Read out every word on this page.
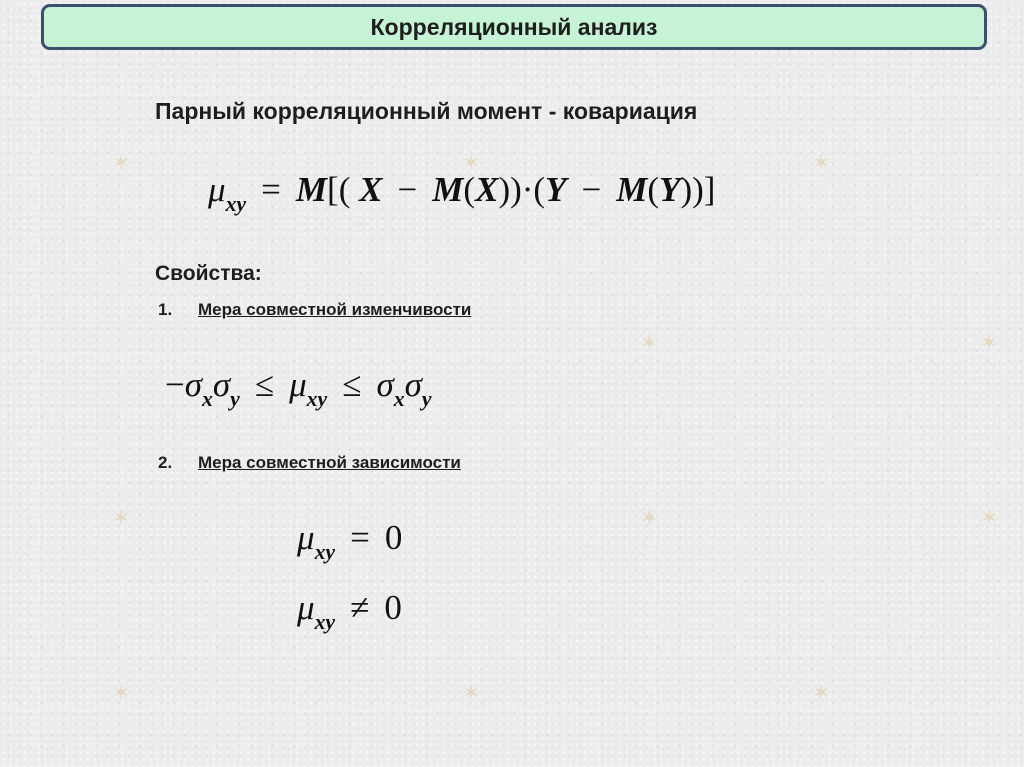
✶	✶	✶
✶	✶	✶
✶	✶	✶
✶	✶
Корреляционный анализ
Парный корреляционный момент - ковариация
$\mu_{xy} = M$[( X − M(X))·(Y − M(Y))]
Свойства:
1. Мера совместной изменчивости
$-\sigma_x\sigma_y \le \mu_{xy} \le \sigma_x\sigma_y$
2. Мера совместной зависимости
$\mu_{xy} = 0$
$\mu_{xy} \ne 0$
